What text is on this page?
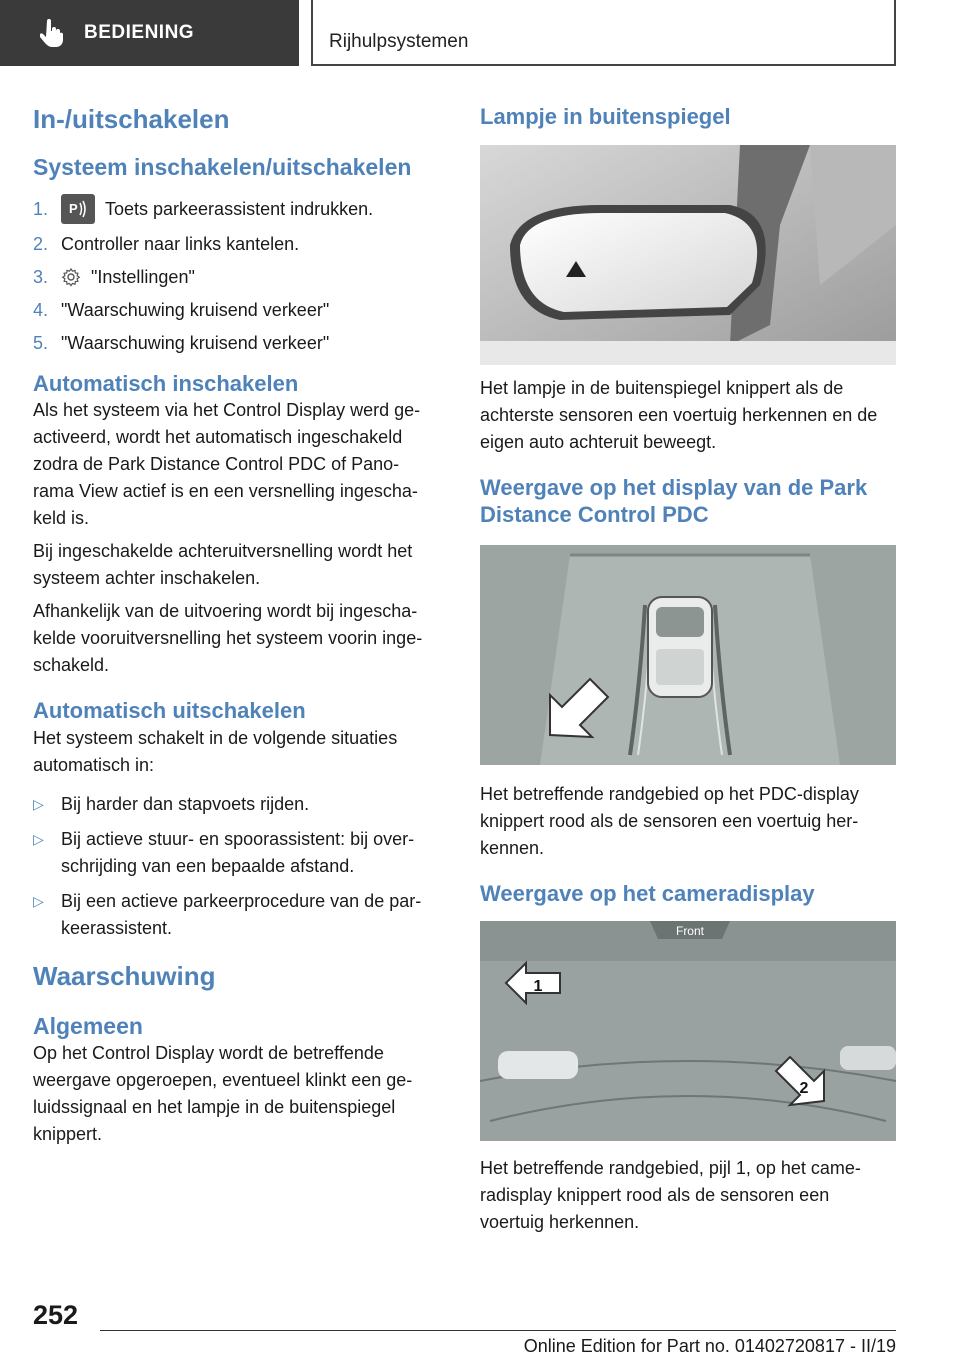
BEDIENING	Rijhulpsystemen
In-/uitschakelen
Systeem inschakelen/uitschakelen
1.	P Toets parkeerassistent indrukken.
2. Controller naar links kantelen.
3.	"Instellingen"
4. "Waarschuwing kruisend verkeer"
5. "Waarschuwing kruisend verkeer"
Automatisch inschakelen

Als het systeem via het Control Display werd ge‐ activeerd, wordt het automatisch ingeschakeld zodra de Park Distance Control PDC of Pano‐ rama View actief is en een versnelling ingescha‐ keld is.

Bij ingeschakelde achteruitversnelling wordt het systeem achter inschakelen.

Afhankelijk van de uitvoering wordt bij ingescha‐ kelde vooruitversnelling het systeem voorin inge‐ schakeld.

Automatisch uitschakelen

Het systeem schakelt in de volgende situaties automatisch in:

▷ Bij harder dan stapvoets rijden.
▷ Bij actieve stuur- en spoorassistent: bij over‐ schrijding van een bepaalde afstand.
▷ Bij een actieve parkeerprocedure van de par‐ keerassistent.
Waarschuwing
Algemeen

Op het Control Display wordt de betreffende weergave opgeroepen, eventueel klinkt een ge‐ luidssignaal en het lampje in de buitenspiegel knippert.

Lampje in buitenspiegel

Het lampje in de buitenspiegel knippert als de achterste sensoren een voertuig herkennen en de eigen auto achteruit beweegt.

Weergave op het display van de Park Distance Control PDC

Het betreffende randgebied op het PDC-display knippert rood als de sensoren een voertuig her‐ kennen.

Weergave op het cameradisplay
Front
1
2

Het betreffende randgebied, pijl 1, op het came‐ radisplay knippert rood als de sensoren een voertuig herkennen.

252
Online Edition for Part no. 01402720817 - II/19
